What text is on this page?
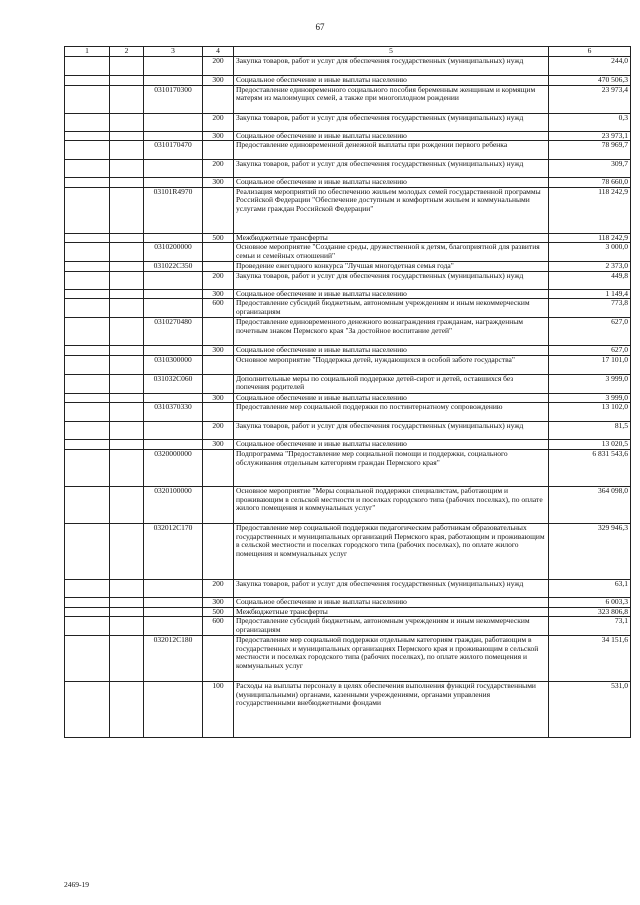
67
1	2	3	4	5	6
			200	Закупка товаров, работ и услуг для обеспечения государственных (муниципальных) нужд	244,0
			300	Социальное обеспечение и иные выплаты населению	470 506,3
		0310170300		Предоставление единовременного социального пособия беременным женщинам и кормящим матерям из малоимущих семей, а также при многоплодном рождении	23 973,4
			200	Закупка товаров, работ и услуг для обеспечения государственных (муниципальных) нужд	0,3
			300	Социальное обеспечение и иные выплаты населению	23 973,1
		0310170470		Предоставление единовременной денежной выплаты при рождении первого ребенка	78 969,7
			200	Закупка товаров, работ и услуг для обеспечения государственных (муниципальных) нужд	309,7
			300	Социальное обеспечение и иные выплаты населению	78 660,0
		03101R4970		Реализация мероприятий по обеспечению жильем молодых семей государственной программы Российской Федерации "Обеспечение доступным и комфортным жильем и коммунальными услугами граждан Российской Федерации"	118 242,9
			500	Межбюджетные трансферты	118 242,9
		0310200000		Основное мероприятие "Создание среды, дружественной к детям, благоприятной для развития семьи и семейных отношений"	3 000,0
		031022С350		Проведение ежегодного конкурса "Лучшая многодетная семья года"	2 373,0
			200	Закупка товаров, работ и услуг для обеспечения государственных (муниципальных) нужд	449,8
			300	Социальное обеспечение и иные выплаты населению	1 149,4
			600	Предоставление субсидий бюджетным, автономным учреждениям и иным некоммерческим организациям	773,8
		0310270480		Предоставление единовременного денежного вознаграждения гражданам, награжденным почетным знаком Пермского края "За достойное воспитание детей"	627,0
			300	Социальное обеспечение и иные выплаты населению	627,0
		0310300000		Основное мероприятие "Поддержка детей, нуждающихся в особой заботе государства"	17 101,0
		031032С060		Дополнительные меры по социальной поддержке детей-сирот и детей, оставшихся без попечения родителей	3 999,0
			300	Социальное обеспечение и иные выплаты населению	3 999,0
		0310370330		Предоставление мер социальной поддержки по постинтернатному сопровождению	13 102,0
			200	Закупка товаров, работ и услуг для обеспечения государственных (муниципальных) нужд	81,5
			300	Социальное обеспечение и иные выплаты населению	13 020,5
		0320000000		Подпрограмма "Предоставление мер социальной помощи и поддержки, социального обслуживания отдельным категориям граждан Пермского края"	6 831 543,6
		0320100000		Основное мероприятие "Меры социальной поддержки специалистам, работающим и проживающим в сельской местности и поселках городского типа (рабочих поселках), по оплате жилого помещения и коммунальных услуг"	364 098,0
		032012С170		Предоставление мер социальной поддержки педагогическим работникам образовательных государственных и муниципальных организаций Пермского края, работающим и проживающим в сельской местности и поселках городского типа (рабочих поселках), по оплате жилого помещения и коммунальных услуг	329 946,3
			200	Закупка товаров, работ и услуг для обеспечения государственных (муниципальных) нужд	63,1
			300	Социальное обеспечение и иные выплаты населению	6 003,3
			500	Межбюджетные трансферты	323 806,8
			600	Предоставление субсидий бюджетным, автономным учреждениям и иным некоммерческим организациям	73,1
		032012С180		Предоставление мер социальной поддержки отдельным категориям граждан, работающим в государственных и муниципальных организациях Пермского края и проживающим в сельской местности и поселках городского типа (рабочих поселках), по оплате жилого помещения и коммунальных услуг	34 151,6
			100	Расходы на выплаты персоналу в целях обеспечения выполнения функций государственными (муниципальными) органами, казенными учреждениями, органами управления государственными внебюджетными фондами	531,0
2469-19
